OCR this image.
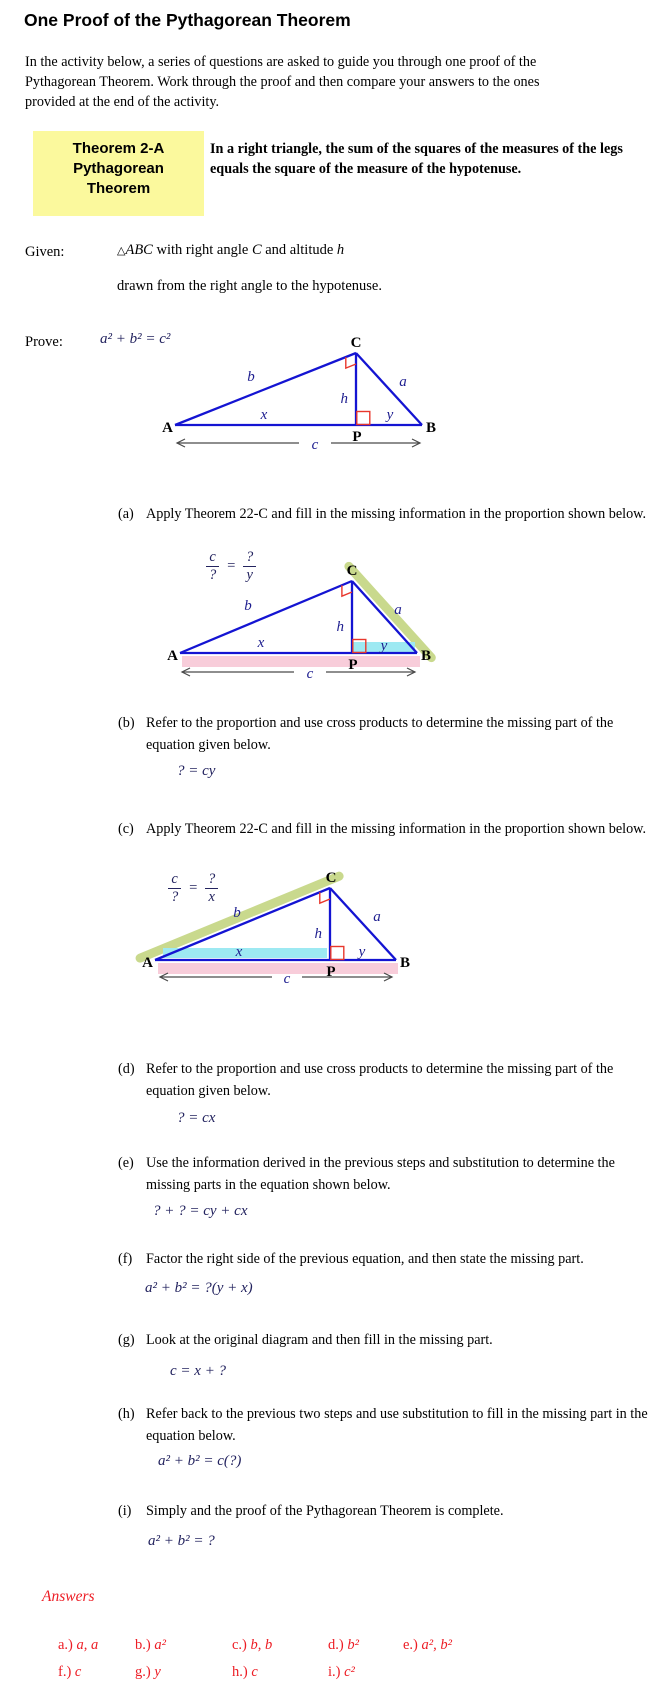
One Proof of the Pythagorean Theorem
In the activity below, a series of questions are asked to guide you through one proof of the Pythagorean Theorem. Work through the proof and then compare your answers to the ones provided at the end of the activity.
Theorem 2-A
Pythagorean
Theorem
In a right triangle, the sum of the squares of the measures of the legs equals the square of the measure of the hypotenuse.
Given:	△ABC with right angle C and altitude h
drawn from the right angle to the hypotenuse.
Prove: a² + b² = c²
A	B
C
P
b	a
h
x	y
c
(a) Apply Theorem 22-C and fill in the missing information in the proportion shown below.
$\frac{c}{?} = \frac{?}{y}$
A	B
C
P
b	a
h
x	y
c
(b) Refer to the proportion and use cross products to determine the missing part of the equation given below.
? = cy
(c) Apply Theorem 22-C and fill in the missing information in the proportion shown below.
$\frac{c}{?} = \frac{?}{x}$
A	B
C
P
b	a
h
x	y
c
(d) Refer to the proportion and use cross products to determine the missing part of the equation given below.
? = cx
(e) Use the information derived in the previous steps and substitution to determine the missing parts in the equation shown below.
? + ? = cy + cx
(f) Factor the right side of the previous equation, and then state the missing part.
a² + b² = ?(y + x)
(g) Look at the original diagram and then fill in the missing part.
c = x + ?
(h) Refer back to the previous two steps and use substitution to fill in the missing part in the equation below.
a² + b² = c(?)
(i)	Simply and the proof of the Pythagorean Theorem is complete.
a² + b² = ?
Answers
a.) a, a	b.) a²	c.) b, b	d.) b²	e.) a², b²
f.) c	g.) y	h.) c	i.) c²
